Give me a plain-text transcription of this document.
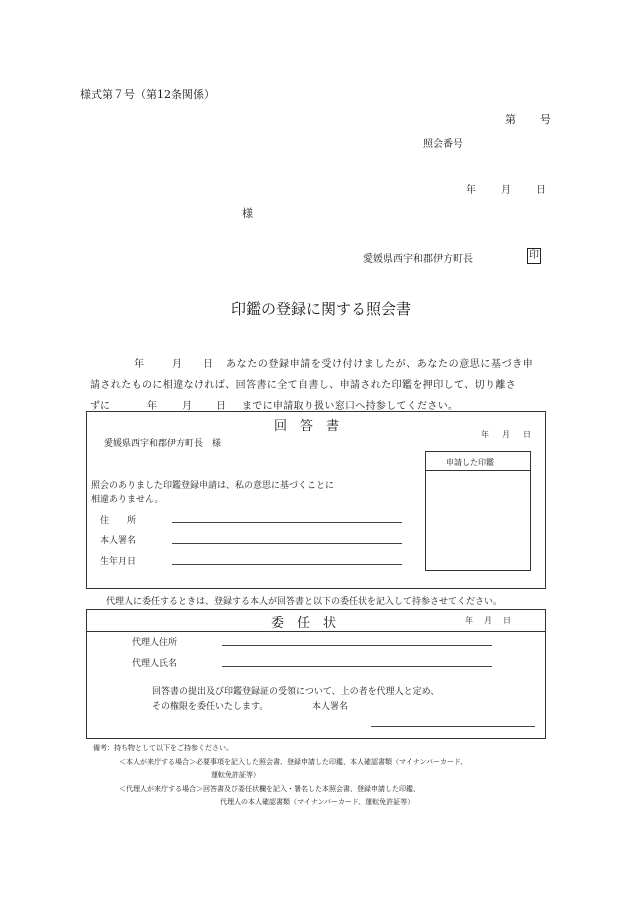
様式第７号（第12条関係）
第 号
照会番号
年	月	日
様
愛媛県西宇和郡伊方町長	印
印鑑の登録に関する照会書
年	月 日 あなたの登録申請を受け付けましたが、あなたの意思に基づき申
請されたものに相違なければ、回答書に全て自書し、申請された印鑑を押印して、切り離さ
ずに	年	月 日 までに申請取り扱い窓口へ持参してください。
回　答　書
年 月 日
愛媛県西宇和郡伊方町長　様
申請した印鑑
照会のありました印鑑登録申請は、私の意思に基づくことに
相違ありません。
住　　所
本人署名
生年月日
代理人に委任するときは、登録する本人が回答書と以下の委任状を記入して持参させてください。
委　任　状	年 月 日
代理人住所
代理人氏名
回答書の提出及び印鑑登録証の受領について、上の者を代理人と定め、
その権限を委任いたします。	本人署名
備考：持ち物として以下をご持参ください。
＜本人が来庁する場合＞必要事項を記入した照会書、登録申請した印鑑、本人確認書類（マイナンバーカード、
運転免許証等）
＜代理人が来庁する場合＞回答書及び委任状欄を記入・署名した本照会書、登録申請した印鑑、
代理人の本人確認書類（マイナンバーカード、運転免許証等）
